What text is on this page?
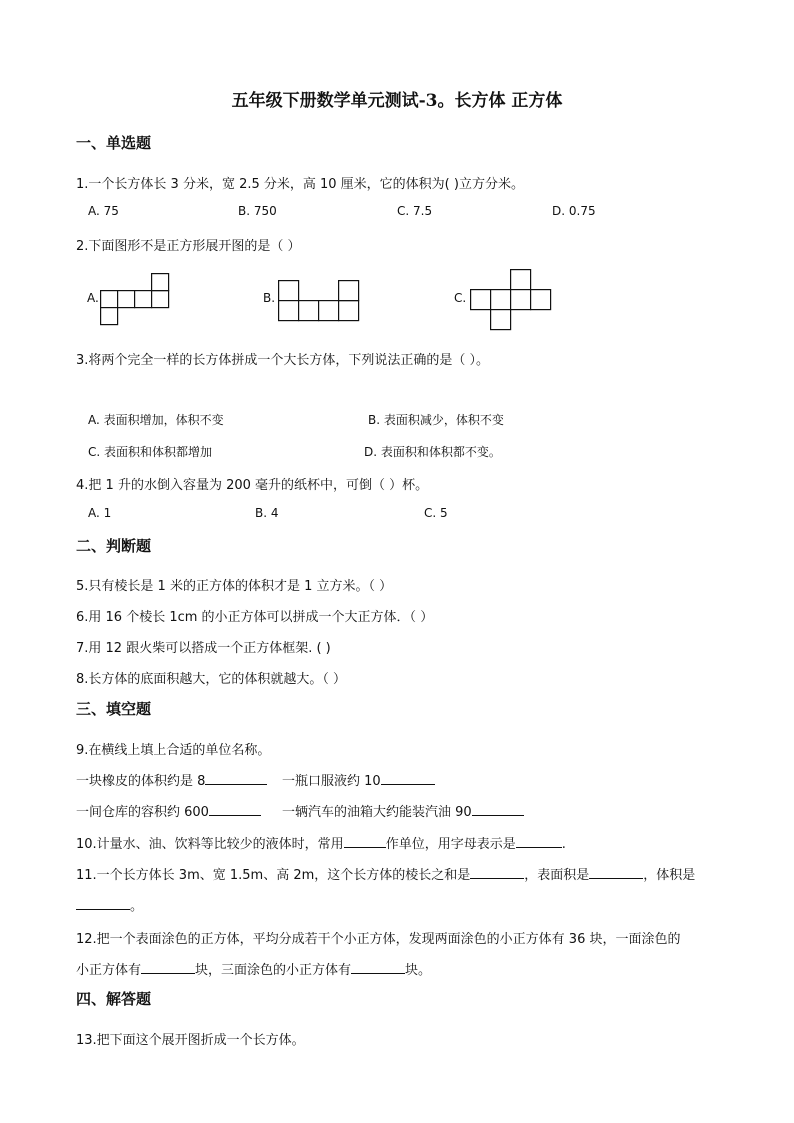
五年级下册数学单元测试-3。长方体 正方体
一、单选题
1.一个长方体长 3 分米，宽 2.5 分米，高 10 厘米，它的体积为( )立方分米。
A. 75	B. 750	C. 7.5	D. 0.75
2.下面图形不是正方形展开图的是（ ）
A.	B.	C.
3.将两个完全一样的长方体拼成一个大长方体，下列说法正确的是（ ）。
A. 表面积增加，体积不变	B. 表面积减少，体积不变
C. 表面积和体积都增加	D. 表面积和体积都不变。
4.把 1 升的水倒入容量为 200 毫升的纸杯中，可倒（ ）杯。
A. 1	B. 4	C. 5
二、判断题
5.只有棱长是 1 米的正方体的体积才是 1 立方米。（ ）
6.用 16 个棱长 1cm 的小正方体可以拼成一个大正方体．（ ）
7.用 12 跟火柴可以搭成一个正方体框架. ( )
8.长方体的底面积越大，它的体积就越大。（ ）
三、填空题
9.在横线上填上合适的单位名称。
一块橡皮的体积约是 8	一瓶口服液约 10
一间仓库的容积约 600	一辆汽车的油箱大约能装汽油 90
10.计量水、油、饮料等比较少的液体时，常用	作单位，用字母表示是	.
11.一个长方体长 3m、宽 1.5m、高 2m，这个长方体的棱长之和是	，表面积是	，体积是
。
12.把一个表面涂色的正方体，平均分成若干个小正方体，发现两面涂色的小正方体有 36 块，一面涂色的
小正方体有	块，三面涂色的小正方体有	块。
四、解答题
13.把下面这个展开图折成一个长方体。
